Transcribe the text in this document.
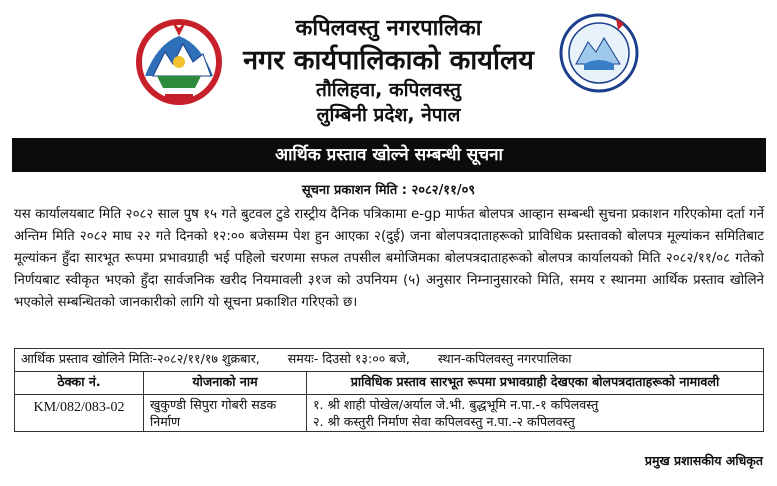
कपिलवस्तु नगरपालिका
नगर कार्यपालिकाको कार्यालय
तौलिहवा, कपिलवस्तु
लुम्बिनी प्रदेश, नेपाल
आर्थिक प्रस्ताव खोल्ने सम्बन्धी सूचना
सूचना प्रकाशन मिति : २०८२/११/०९
यस कार्यालयबाट मिति २०८२ साल पुष १५ गते बुटवल टुडे रास्ट्रीय दैनिक पत्रिकामा e-gp मार्फत बोलपत्र आव्हान सम्बन्धी सुचना प्रकाशन गरिएकोमा दर्ता गर्ने अन्तिम मिति २०८२ माघ २२ गते दिनको १२:०० बजेसम्म पेश हुन आएका २(दुई) जना बोलपत्रदाताहरूको प्राविधिक प्रस्तावको बोलपत्र मूल्यांकन समितिबाट मूल्यांकन हुँदा सारभूत रूपमा प्रभावग्राही भई पहिलो चरणमा सफल तपसील बमोजिमका बोलपत्रदाताहरूको बोलपत्र कार्यालयको मिति २०८२/११/०८ गतेको निर्णयबाट स्वीकृत भएको हुँदा सार्वजनिक खरीद नियमावली ३१ज को उपनियम (५) अनुसार निम्नानुसारको मिति, समय र स्थानमा आर्थिक प्रस्ताव खोलिने भएकोले सम्बन्धितको जानकारीको लागि यो सूचना प्रकाशित गरिएको छ।
आर्थिक प्रस्ताव खोलिने मितिः-२०८२/११/१७ शुक्रबार, समयः- दिउसो १३:०० बजे, स्थान-कपिलवस्तु नगरपालिका		
ठेक्का नं.	योजनाको नाम	प्राविधिक प्रस्ताव सारभूत रूपमा प्रभावग्राही देखएका बोलपत्रदाताहरूको नामावली
KM/082/083-02	खुकुण्डी सिपुरा गोबरी सडक निर्माण	१. श्री शाही पोखेल/अर्याल जे.भी. बुद्धभूमि न.पा.-१ कपिलवस्तु
२. श्री कस्तुरी निर्माण सेवा कपिलवस्तु न.पा.-२ कपिलवस्तु
प्रमुख प्रशासकीय अधिकृत
